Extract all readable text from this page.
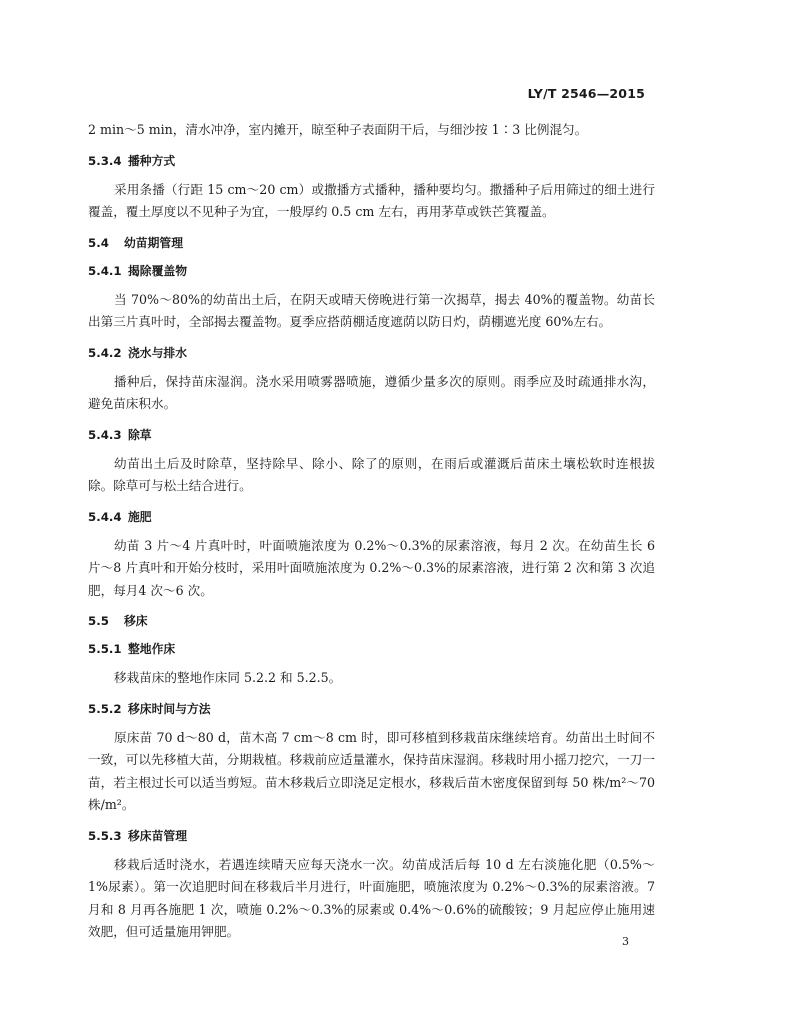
LY/T 2546—2015

2 min～5 min，清水冲净，室内摊开，晾至种子表面阴干后，与细沙按 1∶3 比例混匀。

5.3.4 播种方式

采用条播（行距 15 cm～20 cm）或撒播方式播种，播种要均匀。撒播种子后用筛过的细土进行覆盖，覆土厚度以不见种子为宜，一般厚约 0.5 cm 左右，再用茅草或铁芒箕覆盖。

5.4 幼苗期管理
5.4.1 揭除覆盖物

当 70%～80%的幼苗出土后，在阴天或晴天傍晚进行第一次揭草，揭去 40%的覆盖物。幼苗长出第三片真叶时，全部揭去覆盖物。夏季应搭荫棚适度遮荫以防日灼，荫棚遮光度 60%左右。

5.4.2 浇水与排水

播种后，保持苗床湿润。浇水采用喷雾器喷施，遵循少量多次的原则。雨季应及时疏通排水沟，避免苗床积水。

5.4.3 除草

幼苗出土后及时除草，坚持除早、除小、除了的原则，在雨后或灌溉后苗床土壤松软时连根拔除。除草可与松土结合进行。

5.4.4 施肥

幼苗 3 片～4 片真叶时，叶面喷施浓度为 0.2%～0.3%的尿素溶液，每月 2 次。在幼苗生长 6 片～8 片真叶和开始分枝时，采用叶面喷施浓度为 0.2%～0.3%的尿素溶液，进行第 2 次和第 3 次追肥，每月4 次～6 次。

5.5 移床
5.5.1 整地作床

移栽苗床的整地作床同 5.2.2 和 5.2.5。

5.5.2 移床时间与方法

原床苗 70 d～80 d，苗木高 7 cm～8 cm 时，即可移植到移栽苗床继续培育。幼苗出土时间不一致，可以先移植大苗，分期栽植。移栽前应适量灌水，保持苗床湿润。移栽时用小摇刀挖穴，一刀一苗，若主根过长可以适当剪短。苗木移栽后立即浇足定根水，移栽后苗木密度保留到每 50 株/m²～70 株/m²。

5.5.3 移床苗管理

移栽后适时浇水，若遇连续晴天应每天浇水一次。幼苗成活后每 10 d 左右淡施化肥（0.5%～1%尿素）。第一次追肥时间在移栽后半月进行，叶面施肥，喷施浓度为 0.2%～0.3%的尿素溶液。7 月和 8 月再各施肥 1 次，喷施 0.2%～0.3%的尿素或 0.4%～0.6%的硫酸铵；9 月起应停止施用速效肥，但可适量施用钾肥。

3
